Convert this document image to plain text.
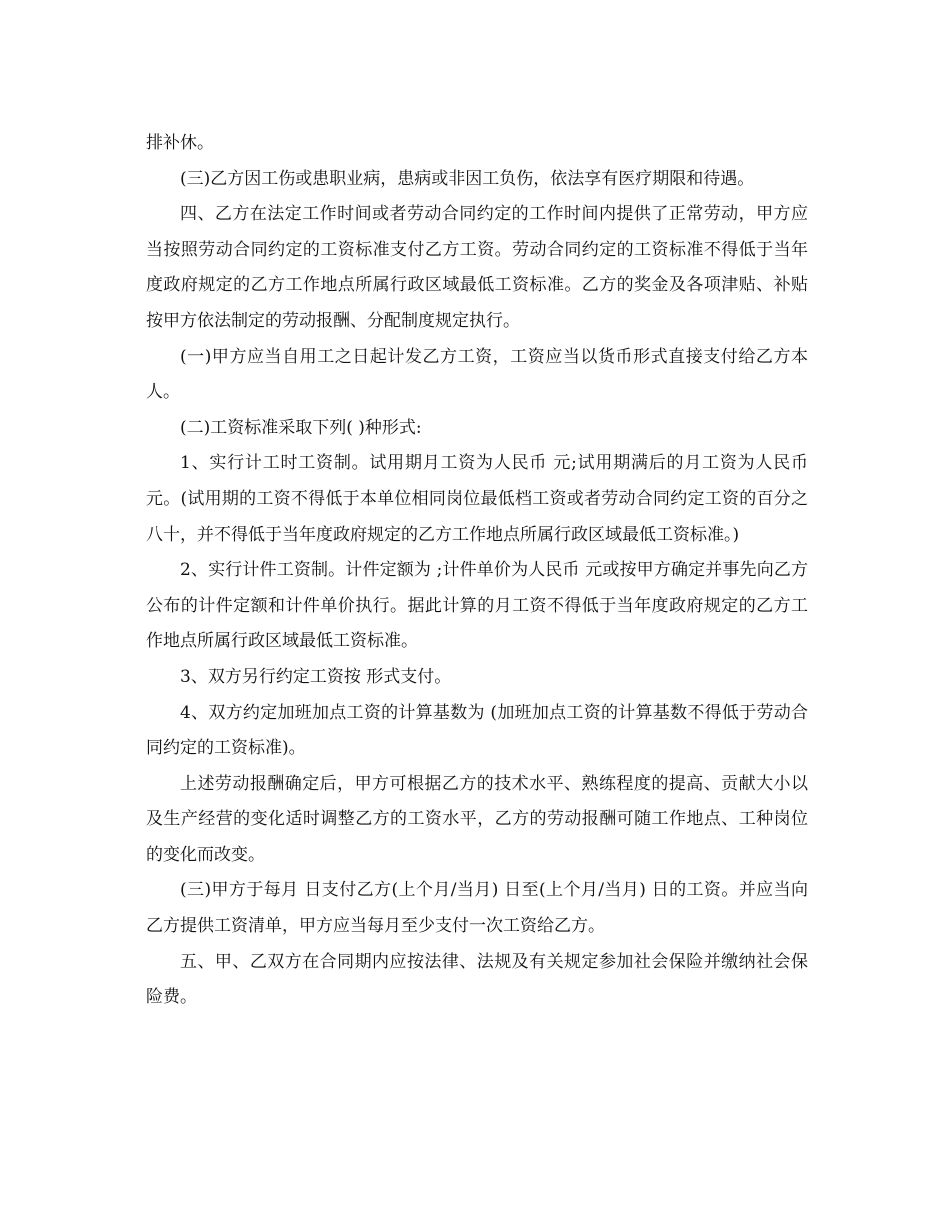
排补休。

(三)乙方因工伤或患职业病，患病或非因工负伤，依法享有医疗期限和待遇。

四、乙方在法定工作时间或者劳动合同约定的工作时间内提供了正常劳动，甲方应当按照劳动合同约定的工资标准支付乙方工资。劳动合同约定的工资标准不得低于当年度政府规定的乙方工作地点所属行政区域最低工资标准。乙方的奖金及各项津贴、补贴按甲方依法制定的劳动报酬、分配制度规定执行。

(一)甲方应当自用工之日起计发乙方工资，工资应当以货币形式直接支付给乙方本人。

(二)工资标准采取下列( )种形式:

1、实行计工时工资制。试用期月工资为人民币 元;试用期满后的月工资为人民币 元。(试用期的工资不得低于本单位相同岗位最低档工资或者劳动合同约定工资的百分之八十，并不得低于当年度政府规定的乙方工作地点所属行政区域最低工资标准。)

2、实行计件工资制。计件定额为 ;计件单价为人民币 元或按甲方确定并事先向乙方公布的计件定额和计件单价执行。据此计算的月工资不得低于当年度政府规定的乙方工作地点所属行政区域最低工资标准。

3、双方另行约定工资按 形式支付。

4、双方约定加班加点工资的计算基数为 (加班加点工资的计算基数不得低于劳动合同约定的工资标准)。

上述劳动报酬确定后，甲方可根据乙方的技术水平、熟练程度的提高、贡献大小以及生产经营的变化适时调整乙方的工资水平，乙方的劳动报酬可随工作地点、工种岗位的变化而改变。

(三)甲方于每月 日支付乙方(上个月/当月) 日至(上个月/当月) 日的工资。并应当向乙方提供工资清单，甲方应当每月至少支付一次工资给乙方。

五、甲、乙双方在合同期内应按法律、法规及有关规定参加社会保险并缴纳社会保险费。
